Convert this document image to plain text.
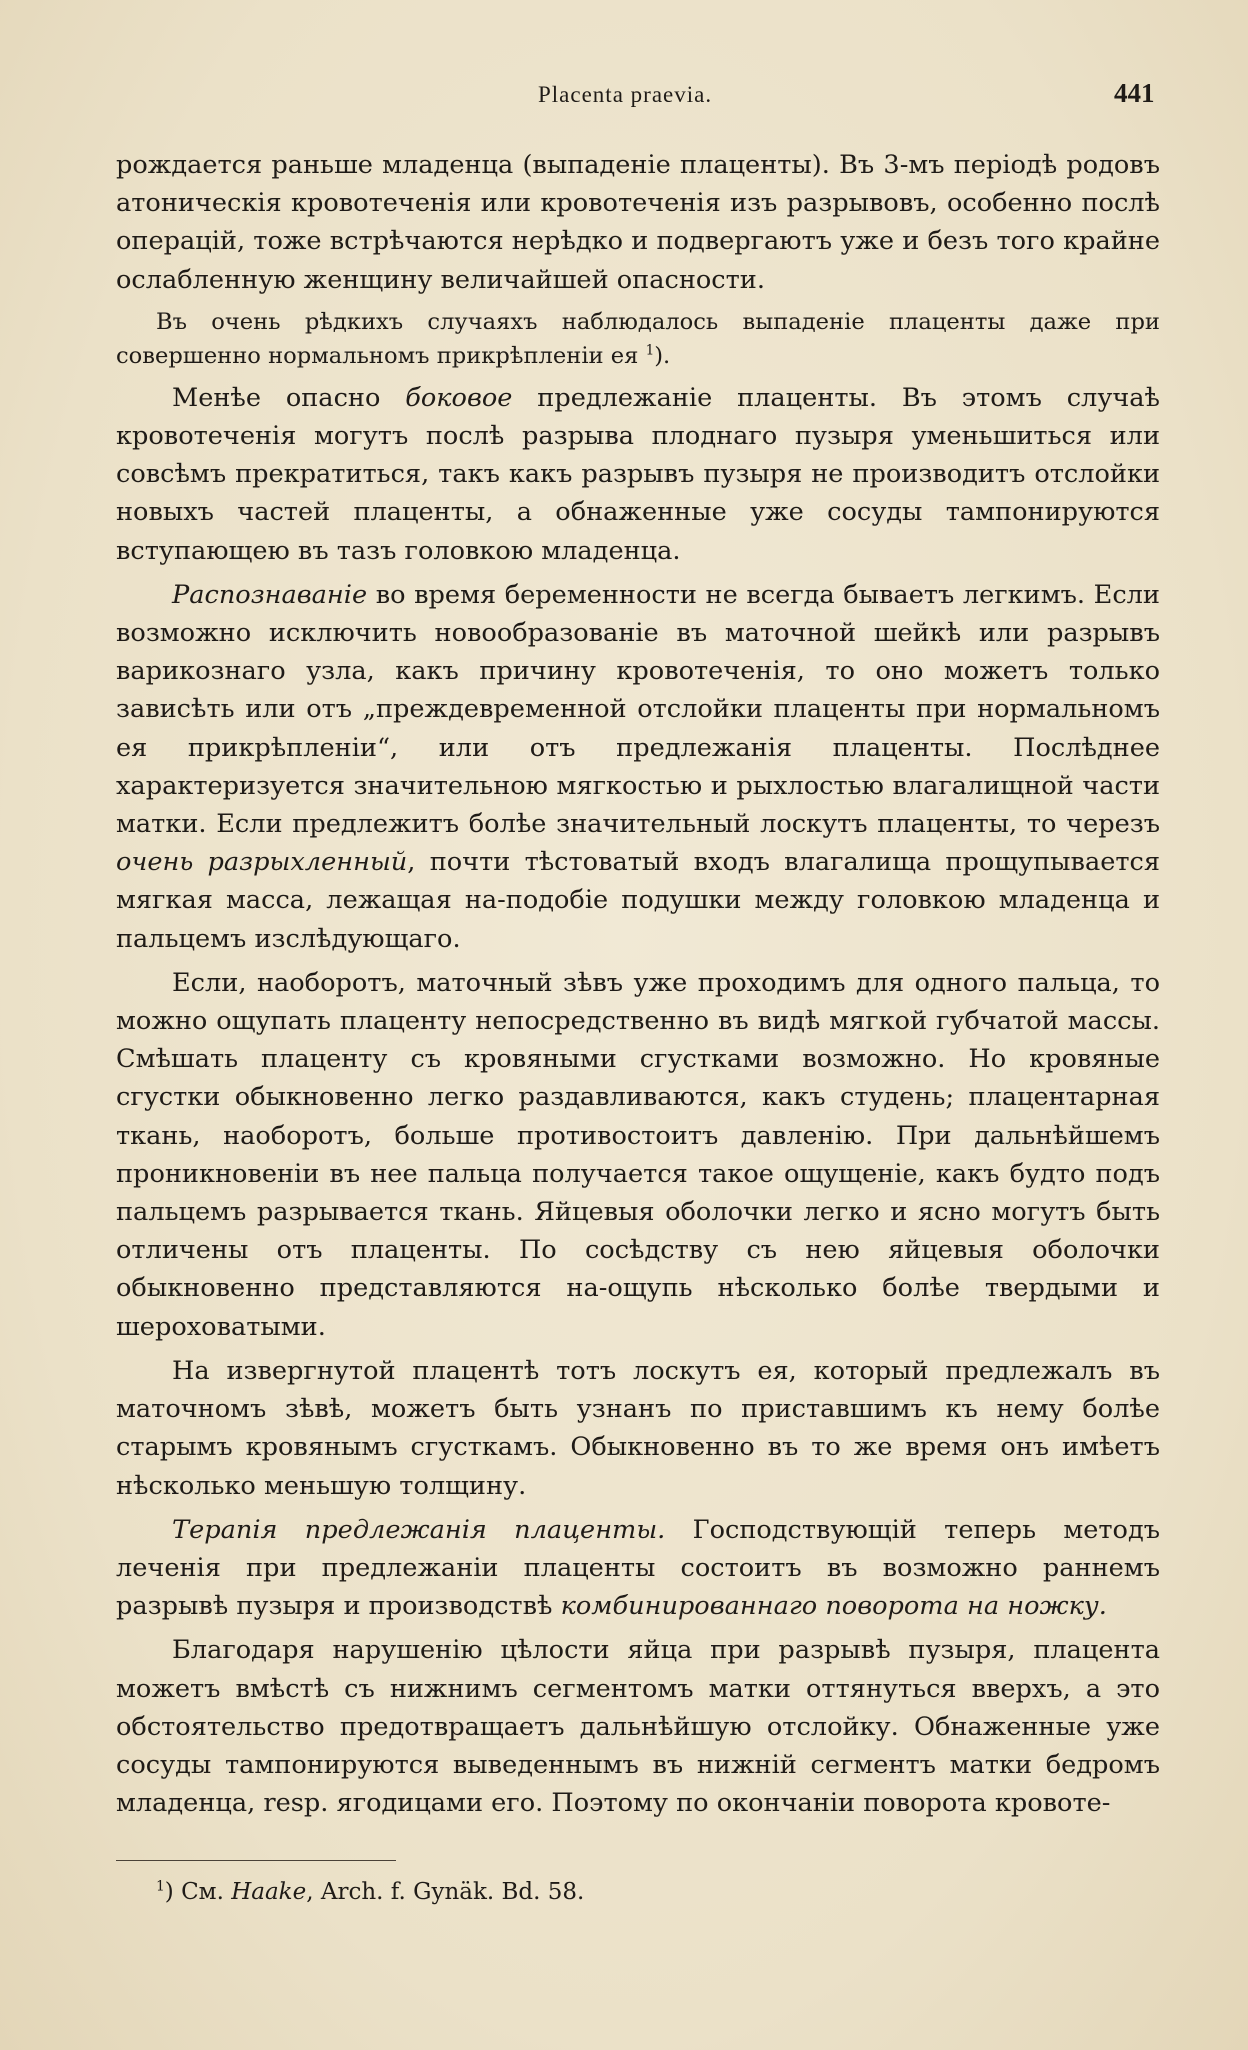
Placenta praevia.	441

рождается раньше младенца (выпаденіе плаценты). Въ 3-мъ періодѣ родовъ атоническія кровотеченія или кровотеченія изъ разрывовъ, особенно послѣ операцій, тоже встрѣчаются нерѣдко и подвергаютъ уже и безъ того крайне ослабленную женщину величайшей опасности.

Въ очень рѣдкихъ случаяхъ наблюдалось выпаденіе плаценты даже при совершенно нормальномъ прикрѣпленіи ея $^1$).

Менѣе опасно боковое предлежаніе плаценты. Въ этомъ случаѣ кровотеченія могутъ послѣ разрыва плоднаго пузыря уменьшиться или совсѣмъ прекратиться, такъ какъ разрывъ пузыря не производитъ отслойки новыхъ частей плаценты, а обнаженные уже сосуды тампонируются вступающею въ тазъ головкою младенца.

Распознаваніе во время беременности не всегда бываетъ легкимъ. Если возможно исключить новообразованіе въ маточной шейкѣ или разрывъ варикознаго узла, какъ причину кровотеченія, то оно можетъ только зависѣть или отъ „преждевременной отслойки плаценты при нормальномъ ея прикрѣпленіи“, или отъ предлежанія плаценты. Послѣднее характеризуется значительною мягкостью и рыхлостью влагалищной части матки. Если предлежитъ болѣе значительный лоскутъ плаценты, то черезъ очень разрыхленный, почти тѣстоватый входъ влагалища прощупывается мягкая масса, лежащая на-подобіе подушки между головкою младенца и пальцемъ изслѣдующаго.

Если, наоборотъ, маточный зѣвъ уже проходимъ для одного пальца, то можно ощупать плаценту непосредственно въ видѣ мягкой губчатой массы. Смѣшать плаценту съ кровяными сгустками возможно. Но кровяные сгустки обыкновенно легко раздавливаются, какъ студень; плацентарная ткань, наоборотъ, больше противостоитъ давленію. При дальнѣйшемъ проникновеніи въ нее пальца получается такое ощущеніе, какъ будто подъ пальцемъ разрывается ткань. Яйцевыя оболочки легко и ясно могутъ быть отличены отъ плаценты. По сосѣдству съ нею яйцевыя оболочки обыкновенно представляются на-ощупь нѣсколько болѣе твердыми и шероховатыми.

На извергнутой плацентѣ тотъ лоскутъ ея, который предлежалъ въ маточномъ зѣвѣ, можетъ быть узнанъ по приставшимъ къ нему болѣе старымъ кровянымъ сгусткамъ. Обыкновенно въ то же время онъ имѣетъ нѣсколько меньшую толщину.

Терапія предлежанія плаценты. Господствующій теперь методъ леченія при предлежаніи плаценты состоитъ въ возможно раннемъ разрывѣ пузыря и производствѣ комбинированнаго поворота на ножку.

Благодаря нарушенію цѣлости яйца при разрывѣ пузыря, плацента можетъ вмѣстѣ съ нижнимъ сегментомъ матки оттянуться вверхъ, а это обстоятельство предотвращаетъ дальнѣйшую отслойку. Обнаженные уже сосуды тампонируются выведеннымъ въ нижній сегментъ матки бедромъ младенца, resp. ягодицами его. Поэтому по окончаніи поворота кровоте-

$^1$) См. Haake, Arch. f. Gynäk. Bd. 58.
